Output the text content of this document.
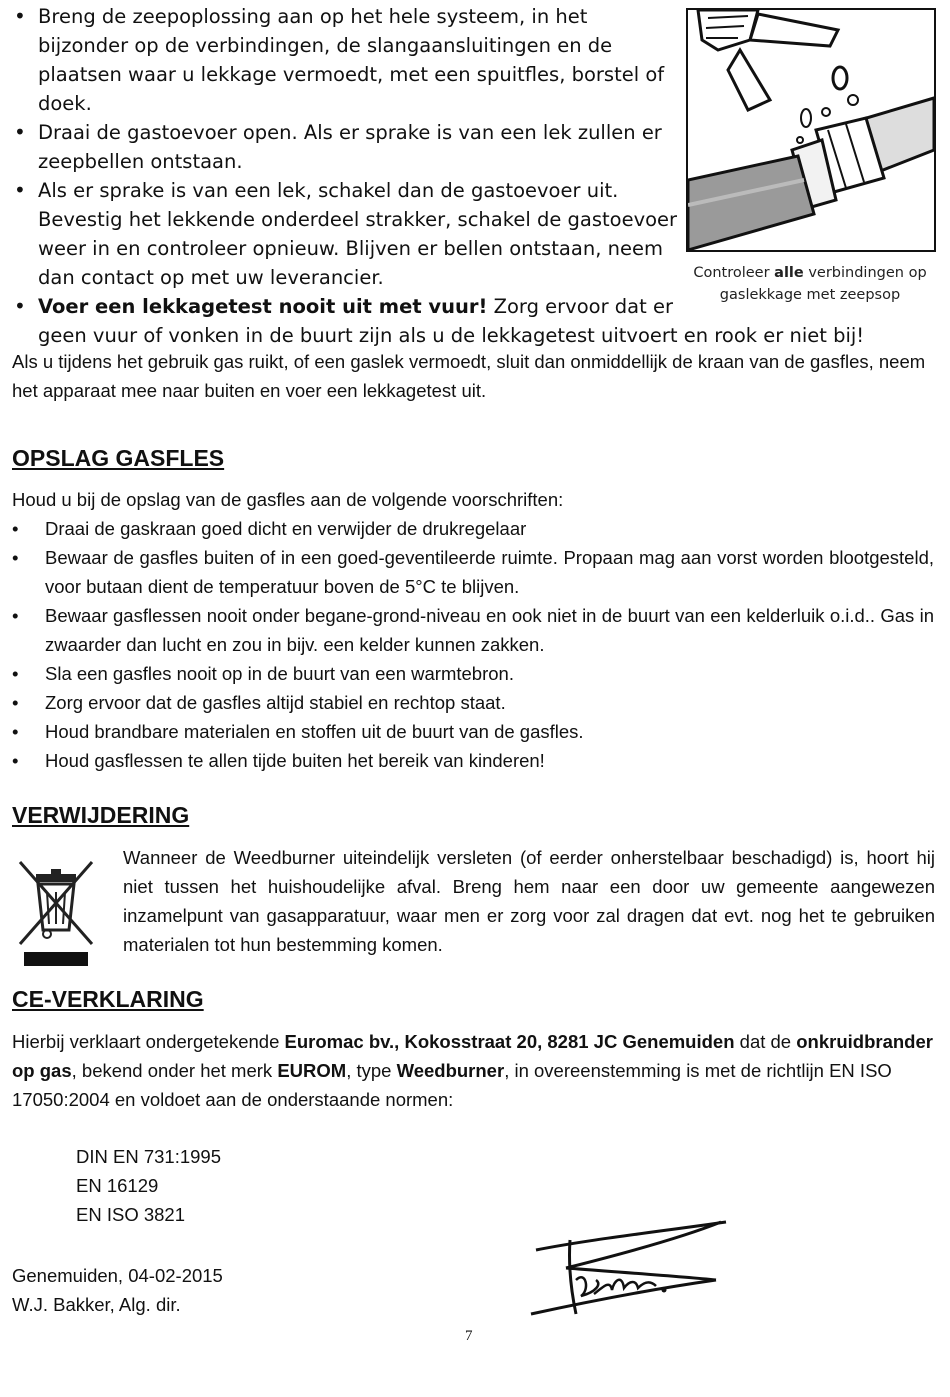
• Breng de zeepoplossing aan op het hele systeem, in het bijzonder op de verbindingen, de slangaansluitingen en de plaatsen waar u lekkage vermoedt, met een spuitfles, borstel of doek.
• Draai de gastoevoer open. Als er sprake is van een lek zullen er zeepbellen ontstaan.
• Als er sprake is van een lek, schakel dan de gastoevoer uit. Bevestig het lekkende onderdeel strakker, schakel de gastoevoer weer in en controleer opnieuw. Blijven er bellen ontstaan, neem dan contact op met uw leverancier.
• Voer een lekkagetest nooit uit met vuur! Zorg ervoor dat er
geen vuur of vonken in de buurt zijn als u de lekkagetest uitvoert en rook er niet bij!
Controleer alle verbindingen op gaslekkage met zeepsop
Als u tijdens het gebruik gas ruikt, of een gaslek vermoedt, sluit dan onmiddellijk de kraan van de gasfles, neem het apparaat mee naar buiten en voer een lekkagetest uit.
OPSLAG GASFLES
Houd u bij de opslag van de gasfles aan de volgende voorschriften:
• Draai de gaskraan goed dicht en verwijder de drukregelaar
• Bewaar de gasfles buiten of in een goed-geventileerde ruimte. Propaan mag aan vorst worden blootgesteld, voor butaan dient de temperatuur boven de 5°C te blijven.
• Bewaar gasflessen nooit onder begane-grond-niveau en ook niet in de buurt van een kelderluik o.i.d.. Gas in zwaarder dan lucht en zou in bijv. een kelder kunnen zakken.
• Sla een gasfles nooit op in de buurt van een warmtebron.
• Zorg ervoor dat de gasfles altijd stabiel en rechtop staat.
• Houd brandbare materialen en stoffen uit de buurt van de gasfles.
• Houd gasflessen te allen tijde buiten het bereik van kinderen!
VERWIJDERING
Wanneer de Weedburner uiteindelijk versleten (of eerder onherstelbaar beschadigd) is, hoort hij niet tussen het huishoudelijke afval. Breng hem naar een door uw gemeente aangewezen inzamelpunt van gasapparatuur, waar men er zorg voor zal dragen dat evt. nog het te gebruiken materialen tot hun bestemming komen.
CE-VERKLARING
Hierbij verklaart ondergetekende Euromac bv., Kokosstraat 20, 8281 JC Genemuiden dat de onkruidbrander op gas, bekend onder het merk EUROM, type Weedburner, in overeenstemming is met de richtlijn EN ISO 17050:2004 en voldoet aan de onderstaande normen:
DIN EN 731:1995
EN 16129
EN ISO 3821
Genemuiden, 04-02-2015
W.J. Bakker, Alg. dir.
7
